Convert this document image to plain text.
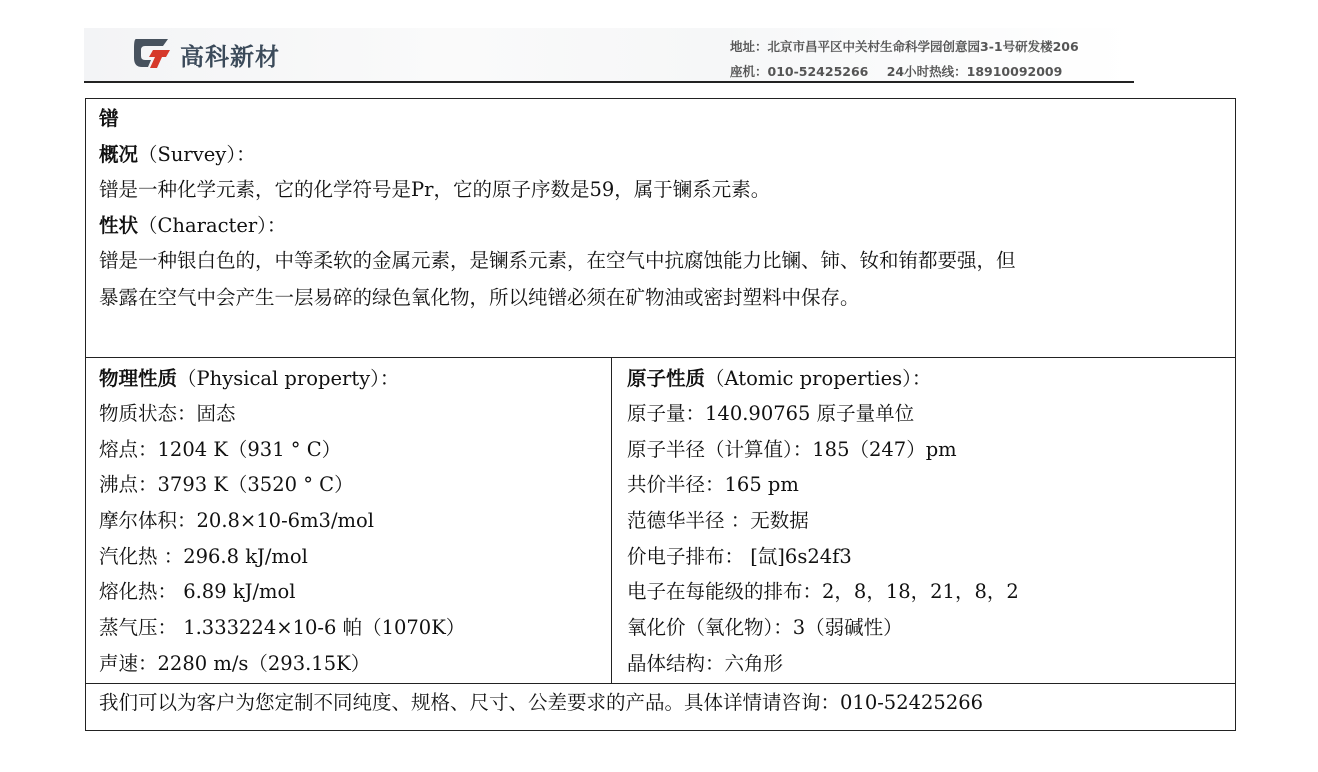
高科新材	地址：北京市昌平区中关村生命科学园创意园3-1号研发楼206
座机：010-52425266 24小时热线：18910092009
镨
概况（Survey）：
镨是一种化学元素，它的化学符号是Pr，它的原子序数是59，属于镧系元素。
性状（Character）：
镨是一种银白色的，中等柔软的金属元素，是镧系元素，在空气中抗腐蚀能力比镧、铈、钕和铕都要强，但
暴露在空气中会产生一层易碎的绿色氧化物，所以纯镨必须在矿物油或密封塑料中保存。
物理性质（Physical property）：
物质状态：固态
熔点：1204 K（931 ° C）
沸点：3793 K（3520 ° C）
摩尔体积：20.8×10-6m3/mol
汽化热 ：296.8 kJ/mol
熔化热： 6.89 kJ/mol
蒸气压： 1.333224×10-6 帕（1070K）
声速：2280 m/s（293.15K）
原子性质（Atomic properties）：
原子量：140.90765 原子量单位
原子半径（计算值）：185（247）pm
共价半径：165 pm
范德华半径 ：无数据
价电子排布： [氙]6s24f3
电子在每能级的排布：2，8，18，21，8，2
氧化价（氧化物）：3（弱碱性）
晶体结构：六角形
我们可以为客户为您定制不同纯度、规格、尺寸、公差要求的产品。具体详情请咨询：010-52425266
